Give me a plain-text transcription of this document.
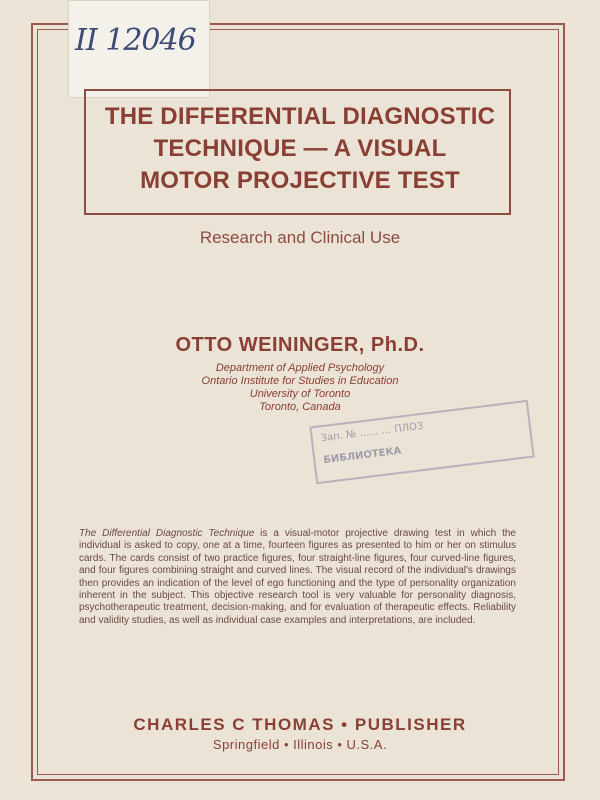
II 12046
THE DIFFERENTIAL DIAGNOSTIC
TECHNIQUE — A VISUAL
MOTOR PROJECTIVE TEST
Research and Clinical Use
OTTO WEININGER, Ph.D.
Department of Applied Psychology
Ontario Institute for Studies in Education
University of Toronto
Toronto, Canada
Зап. № ...... ... ПЛОЗ
БИБЛИОТЕКА
The Differential Diagnostic Technique is a visual-motor projective drawing test in which the individual is asked to copy, one at a time, fourteen figures as presented to him or her on stimulus cards. The cards consist of two practice figures, four straight-line figures, four curved-line figures, and four figures combining straight and curved lines. The visual record of the individual's drawings then provides an indication of the level of ego functioning and the type of personality organization inherent in the subject. This objective research tool is very valuable for personality diagnosis, psychotherapeutic treatment, decision-making, and for evaluation of therapeutic effects. Reliability and validity studies, as well as individual case examples and interpretations, are included.
CHARLES C THOMAS • PUBLISHER
Springfield • Illinois • U.S.A.
